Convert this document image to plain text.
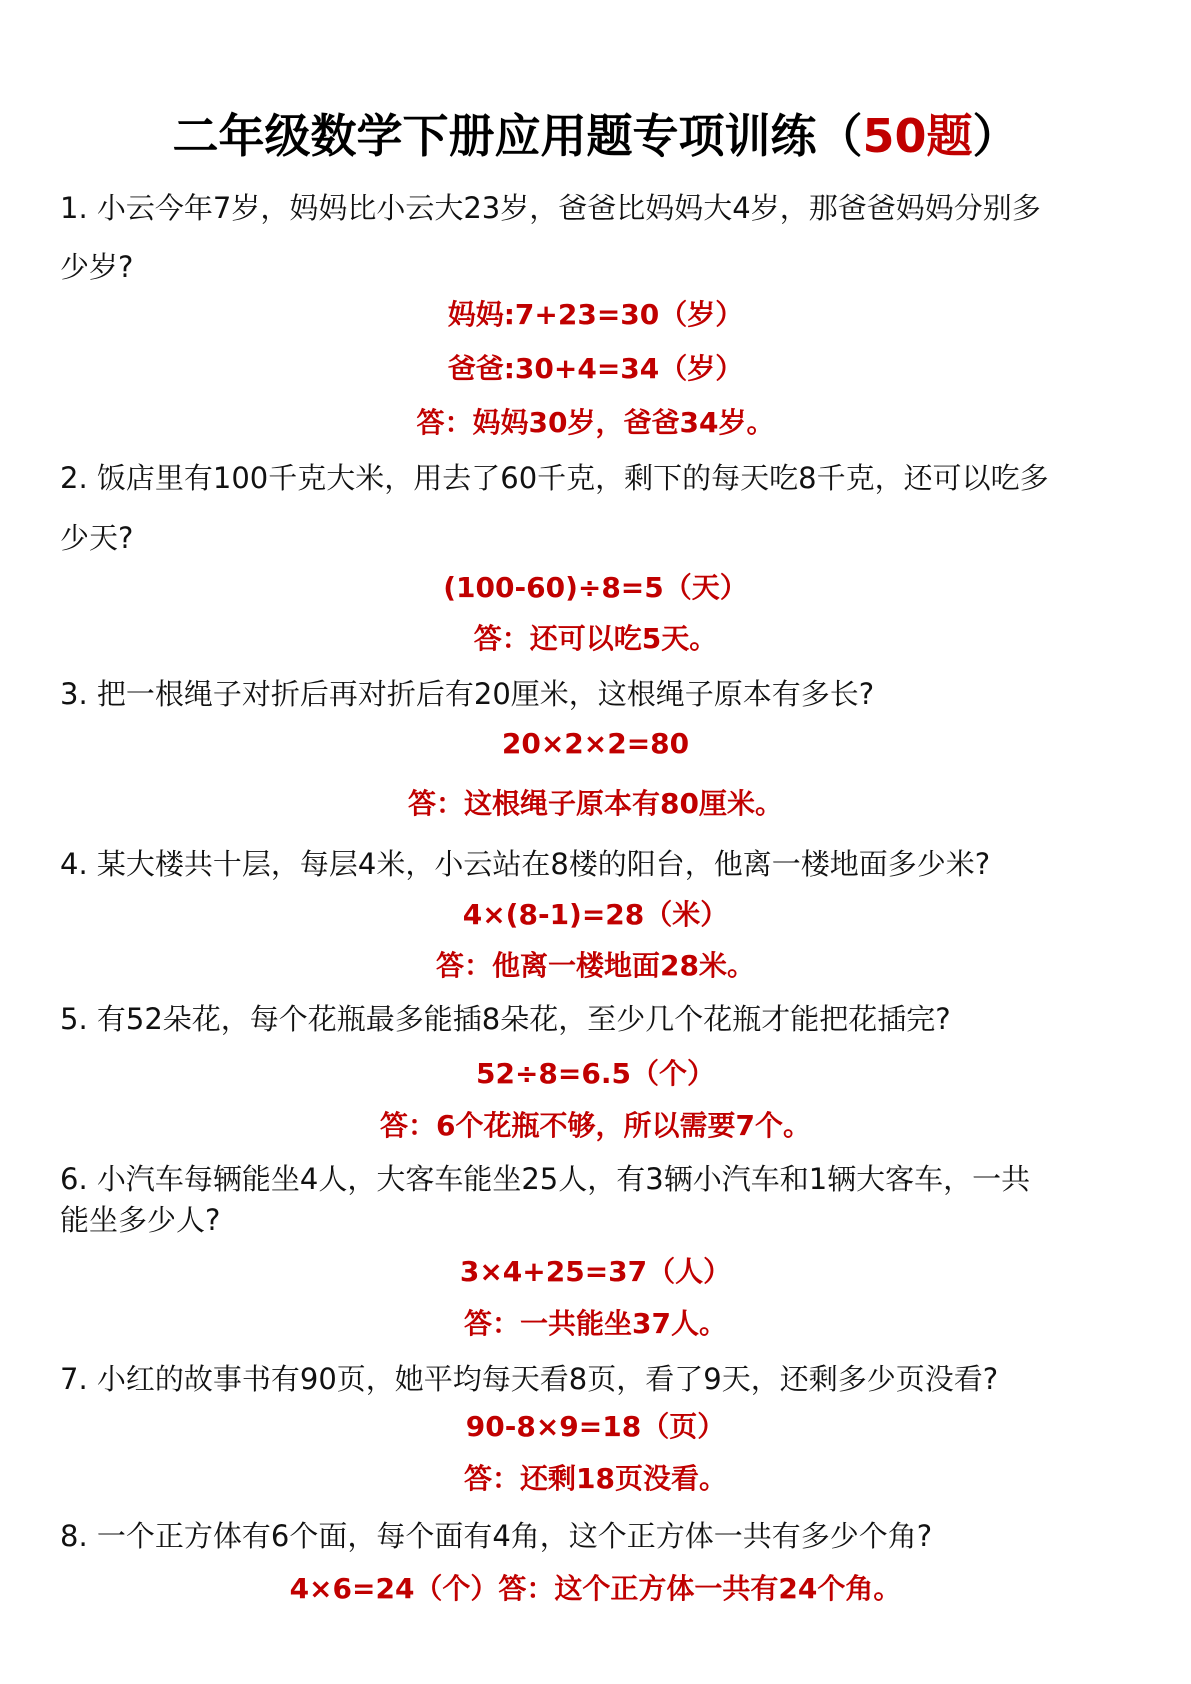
二年级数学下册应用题专项训练（50题）
1. 小云今年7岁，妈妈比小云大23岁，爸爸比妈妈大4岁，那爸爸妈妈分别多
少岁?
妈妈:7+23=30（岁）
爸爸:30+4=34（岁）
答：妈妈30岁，爸爸34岁。
2. 饭店里有100千克大米，用去了60千克，剩下的每天吃8千克，还可以吃多
少天?
(100-60)÷8=5（天）
答：还可以吃5天。
3. 把一根绳子对折后再对折后有20厘米，这根绳子原本有多长?
20×2×2=80
答：这根绳子原本有80厘米。
4. 某大楼共十层，每层4米，小云站在8楼的阳台，他离一楼地面多少米?
4×(8-1)=28（米）
答：他离一楼地面28米。
5. 有52朵花，每个花瓶最多能插8朵花，至少几个花瓶才能把花插完?
52÷8=6.5（个）
答：6个花瓶不够，所以需要7个。
6. 小汽车每辆能坐4人，大客车能坐25人，有3辆小汽车和1辆大客车，一共
能坐多少人?
3×4+25=37（人）
答：一共能坐37人。
7. 小红的故事书有90页，她平均每天看8页，看了9天，还剩多少页没看?
90-8×9=18（页）
答：还剩18页没看。
8. 一个正方体有6个面，每个面有4角，这个正方体一共有多少个角?
4×6=24（个）答：这个正方体一共有24个角。
